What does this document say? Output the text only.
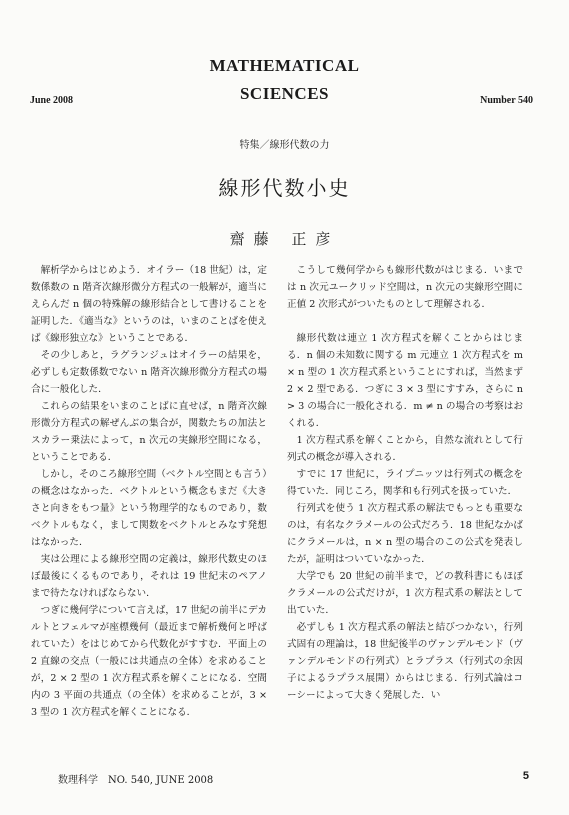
MATHEMATICAL
SCIENCES
June 2008	Number 540
特集／線形代数の力
線形代数小史
齋藤 正彦

解析学からはじめよう．オイラー（18 世紀）は，定数係数の n 階斉次線形微分方程式の一般解が，適当にえらんだ n 個の特殊解の線形結合として書けることを証明した．《適当な》というのは，いまのことばを使えば《線形独立な》ということである．

その少しあと，ラグランジュはオイラーの結果を，必ずしも定数係数でない n 階斉次線形微分方程式の場合に一般化した．

これらの結果をいまのことばに直せば，n 階斉次線形微分方程式の解ぜんぶの集合が，関数たちの加法とスカラー乗法によって，n 次元の実線形空間になる，ということである．

しかし，そのころ線形空間（ベクトル空間とも言う）の概念はなかった．ベクトルという概念もまだ《大きさと向きをもつ量》という物理学的なものであり，数ベクトルもなく，まして関数をベクトルとみなす発想はなかった．

実は公理による線形空間の定義は，線形代数史のほぼ最後にくるものであり，それは 19 世紀末のペアノまで待たなければならない．

つぎに幾何学について言えば，17 世紀の前半にデカルトとフェルマが座標幾何（最近まで解析幾何と呼ばれていた）をはじめてから代数化がすすむ．平面上の 2 直線の交点（一般には共通点の全体）を求めることが，2 × 2 型の 1 次方程式系を解くことになる．空間内の 3 平面の共通点（の全体）を求めることが，3 × 3 型の 1 次方程式を解くことになる．

こうして幾何学からも線形代数がはじまる．いまでは n 次元ユークリッド空間は，n 次元の実線形空間に正値 2 次形式がついたものとして理解される．

線形代数は連立 1 次方程式を解くことからはじまる．n 個の未知数に関する m 元連立 1 次方程式を m × n 型の 1 次方程式系ということにすれば，当然まず 2 × 2 型である．つぎに 3 × 3 型にすすみ，さらに n > 3 の場合に一般化される．m ≠ n の場合の考察はおくれる．

1 次方程式系を解くことから，自然な流れとして行列式の概念が導入される．

すでに 17 世紀に，ライプニッツは行列式の概念を得ていた．同じころ，関孝和も行列式を扱っていた．

行列式を使う 1 次方程式系の解法でもっとも重要なのは，有名なクラメールの公式だろう．18 世紀なかばにクラメールは，n × n 型の場合のこの公式を発表したが，証明はついていなかった．

大学でも 20 世紀の前半まで，どの教科書にもほぼクラメールの公式だけが，1 次方程式系の解法として出ていた．

必ずしも 1 次方程式系の解法と結びつかない，行列式固有の理論は，18 世紀後半のヴァンデルモンド（ヴァンデルモンドの行列式）とラプラス（行列式の余因子によるラプラス展開）からはじまる．行列式論はコーシーによって大きく発展した．い

数理科学　NO. 540, JUNE 2008	5
